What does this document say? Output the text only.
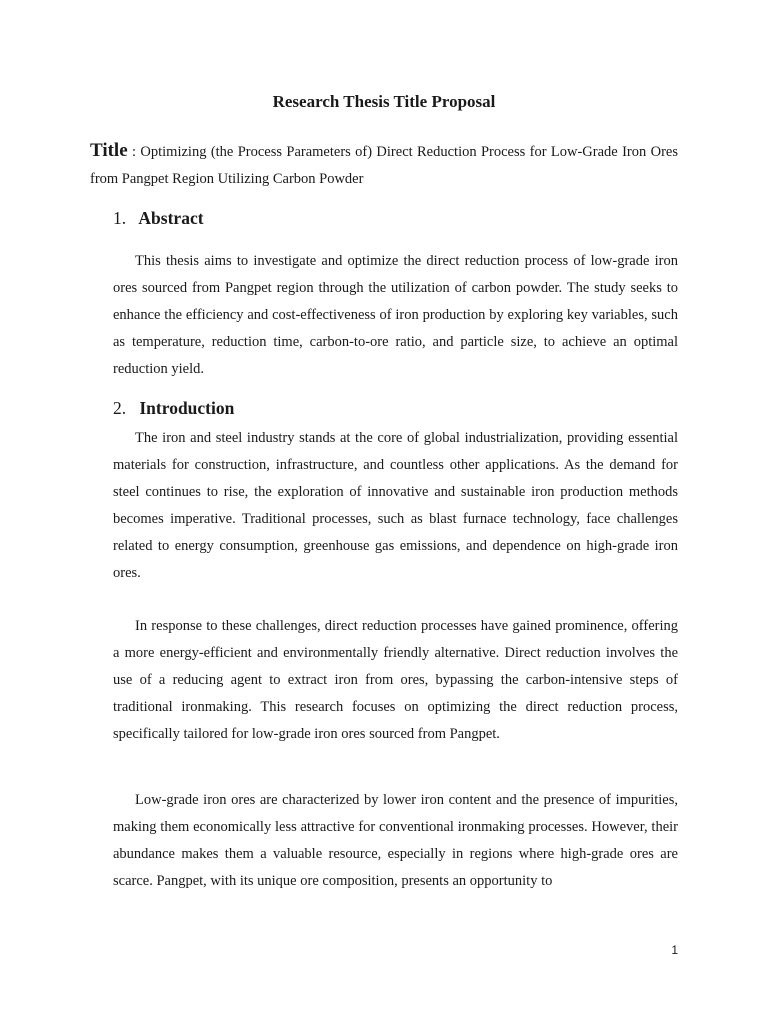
Research Thesis Title Proposal
Title : Optimizing (the Process Parameters of) Direct Reduction Process for Low-Grade Iron Ores from Pangpet Region Utilizing Carbon Powder
1. Abstract
This thesis aims to investigate and optimize the direct reduction process of low-grade iron ores sourced from Pangpet region through the utilization of carbon powder. The study seeks to enhance the efficiency and cost-effectiveness of iron production by exploring key variables, such as temperature, reduction time, carbon-to-ore ratio, and particle size, to achieve an optimal reduction yield.
2. Introduction
The iron and steel industry stands at the core of global industrialization, providing essential materials for construction, infrastructure, and countless other applications. As the demand for steel continues to rise, the exploration of innovative and sustainable iron production methods becomes imperative. Traditional processes, such as blast furnace technology, face challenges related to energy consumption, greenhouse gas emissions, and dependence on high-grade iron ores.
In response to these challenges, direct reduction processes have gained prominence, offering a more energy-efficient and environmentally friendly alternative. Direct reduction involves the use of a reducing agent to extract iron from ores, bypassing the carbon-intensive steps of traditional ironmaking. This research focuses on optimizing the direct reduction process, specifically tailored for low-grade iron ores sourced from Pangpet.
Low-grade iron ores are characterized by lower iron content and the presence of impurities, making them economically less attractive for conventional ironmaking processes. However, their abundance makes them a valuable resource, especially in regions where high-grade ores are scarce. Pangpet, with its unique ore composition, presents an opportunity to
1
